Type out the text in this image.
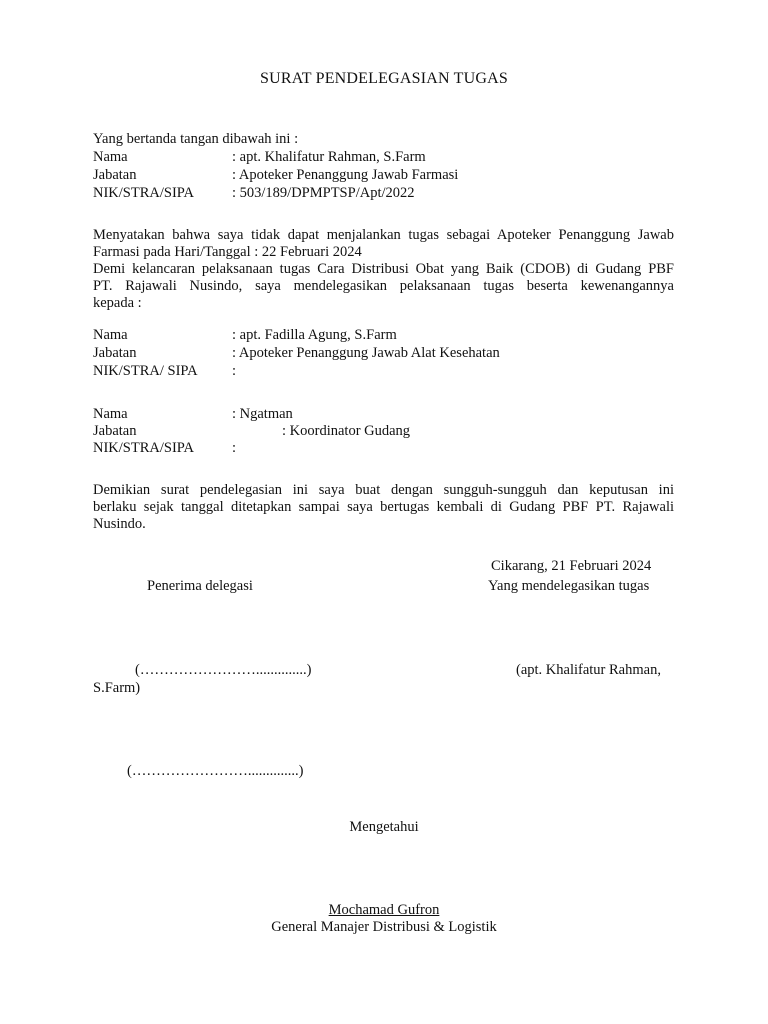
SURAT PENDELEGASIAN TUGAS
Yang bertanda tangan dibawah ini :
Nama	: apt. Khalifatur Rahman, S.Farm
Jabatan	: Apoteker Penanggung Jawab Farmasi
NIK/STRA/SIPA	: 503/189/DPMPTSP/Apt/2022
Menyatakan bahwa saya tidak dapat menjalankan tugas sebagai Apoteker Penanggung Jawab
Farmasi pada Hari/Tanggal : 22 Februari 2024
Demi kelancaran pelaksanaan tugas Cara Distribusi Obat yang Baik (CDOB) di Gudang PBF
PT. Rajawali Nusindo, saya mendelegasikan pelaksanaan tugas beserta kewenangannya
kepada :
Nama	: apt. Fadilla Agung, S.Farm
Jabatan	: Apoteker Penanggung Jawab Alat Kesehatan
NIK/STRA/ SIPA :
Nama	: Ngatman
Jabatan	: Koordinator Gudang
NIK/STRA/SIPA	:
Demikian surat pendelegasian ini saya buat dengan sungguh-sungguh dan keputusan ini
berlaku sejak tanggal ditetapkan sampai saya bertugas kembali di Gudang PBF PT. Rajawali
Nusindo.
Cikarang, 21 Februari 2024
Penerima delegasi	Yang mendelegasikan tugas
(……………………..............)	(apt. Khalifatur Rahman,
S.Farm)
(……………………..............)
Mengetahui
Mochamad Gufron
General Manajer Distribusi & Logistik
